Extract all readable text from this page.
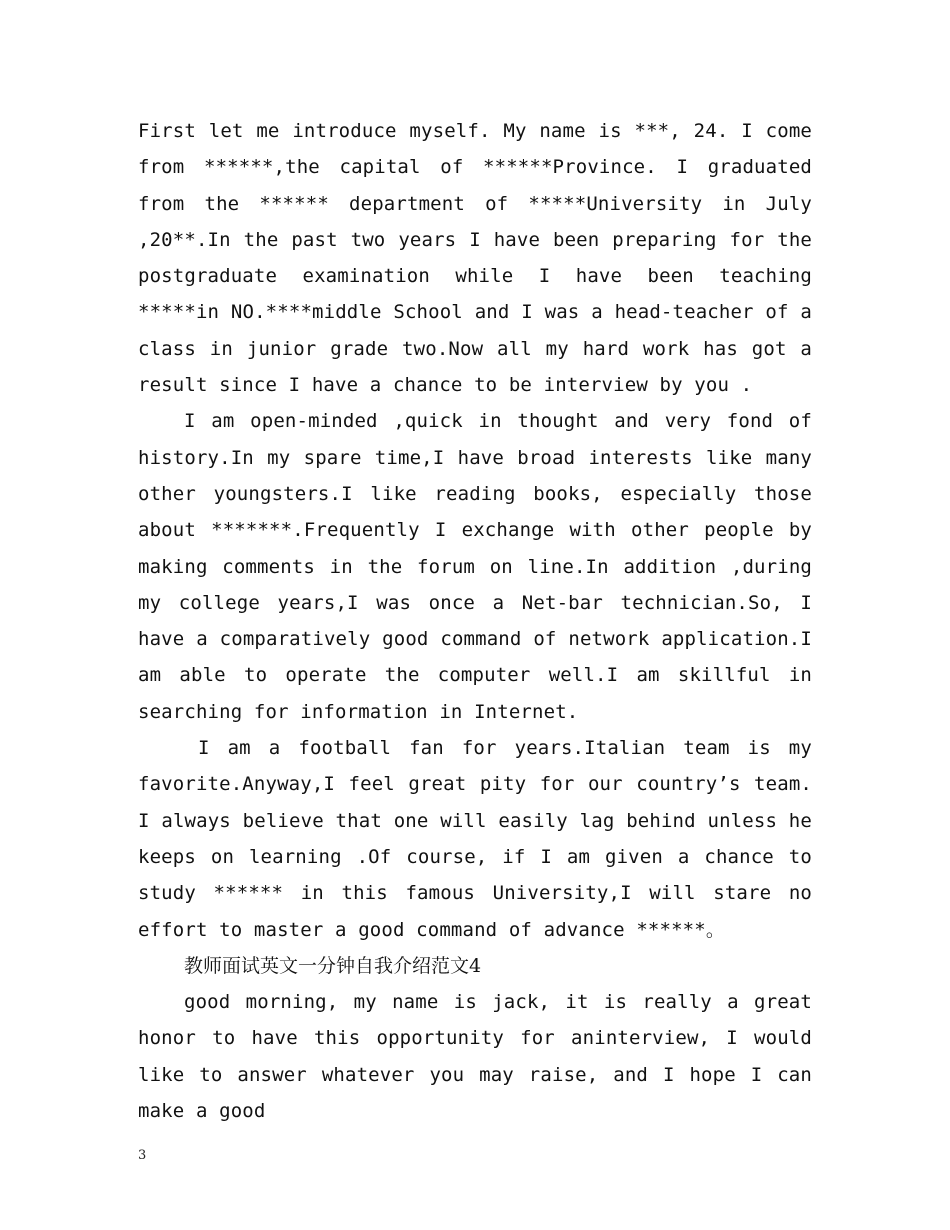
First let me introduce myself. My name is ***, 24. I come from ******,the capital of ******Province. I graduated from the ****** department of *****University in July ,20**.In the past two years I have been preparing for the postgraduate examination while I have been teaching *****in NO.****middle School and I was a head-teacher of a class in junior grade two.Now all my hard work has got a result since I have a chance to be interview by you .

I am open-minded ,quick in thought and very fond of history.In my spare time,I have broad interests like many other youngsters.I like reading books, especially those about *******.Frequently I exchange with other people by making comments in the forum on line.In addition ,during my college years,I was once a Net-bar technician.So, I have a comparatively good command of network application.I am able to operate the computer well.I am skillful in searching for information in Internet.

I am a football fan for years.Italian team is my favorite.Anyway,I feel great pity for our country’s team. I always believe that one will easily lag behind unless he keeps on learning .Of course, if I am given a chance to study ****** in this famous University,I will stare no effort to master a good command of advance ******。

教师面试英文一分钟自我介绍范文4

good morning, my name is jack, it is really a great honor to have this opportunity for aninterview, I would like to answer whatever you may raise, and I hope I can make a good

3
